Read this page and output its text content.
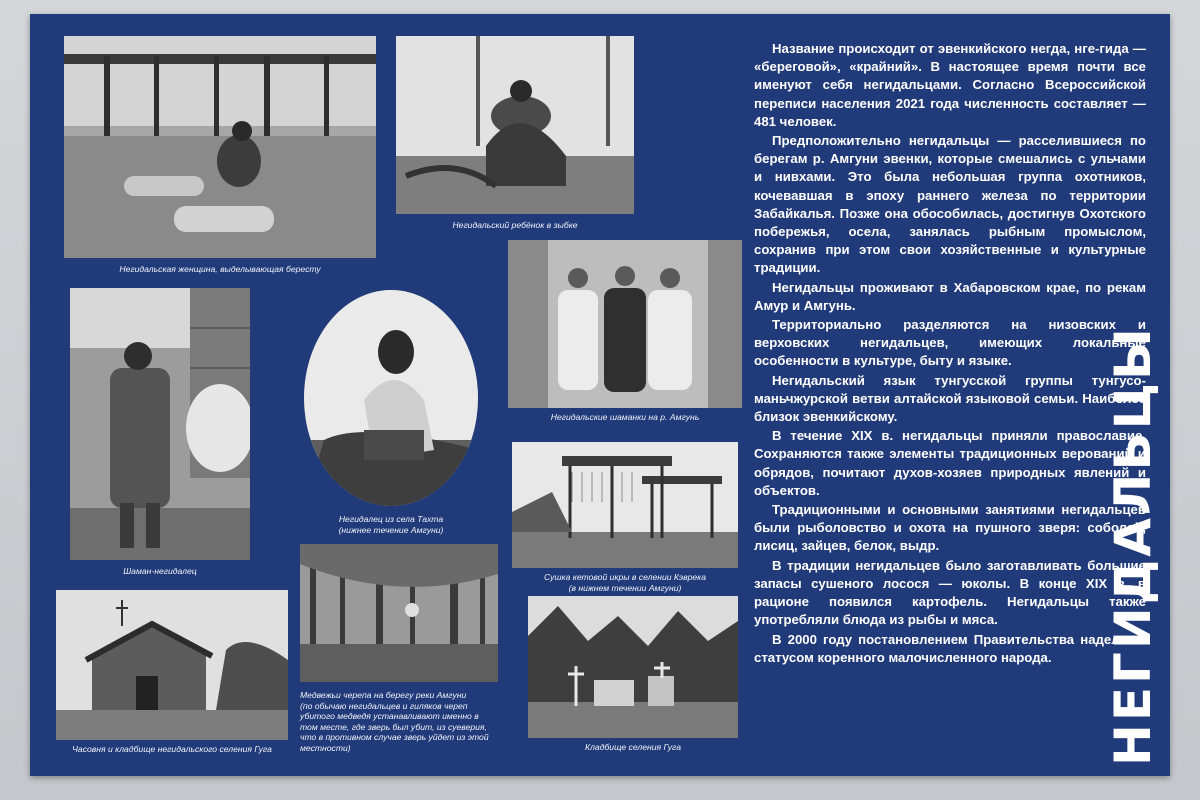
Негидальская женщина, выделывающая бересту
Негидальский ребёнок в зыбке
Негидальские шаманки на р. Амгунь
Шаман-негидалец
Негидалец из села Тахта
(нижнее течение Амгуни)
Сушка кетовой икры в селении Кэврека
(в нижнем течении Амгуни)
Часовня и кладбище негидальского селения Гуга
Медвежьи черепа на берегу реки Амгуни
(по обычаю негидальцев и гиляков череп
убитого медведя устанавливают именно в
том месте, где зверь был убит, из суеверия,
что в противном случае зверь уйдет из этой
местности)	Кладбище селения Гуга	НЕГИДАЛЬЦЫ

Название происходит от эвенкийского негда, нге-гида — «береговой», «крайний». В настоящее время почти все именуют себя негидальцами. Согласно Всероссийской переписи населения 2021 года численность составляет — 481 человек.

Предположительно негидальцы — расселившиеся по берегам р. Амгуни эвенки, которые смешались с ульчами и нивхами. Это была небольшая группа охотников, кочевавшая в эпоху раннего железа по территории Забайкалья. Позже она обособилась, достигнув Охотского побережья, осела, занялась рыбным промыслом, сохранив при этом свои хозяйственные и культурные традиции.

Негидальцы проживают в Хабаровском крае, по рекам Амур и Амгунь.

Территориально разделяются на низовских и верховских негидальцев, имеющих локальные особенности в культуре, быту и языке.

Негидальский язык тунгусской группы тунгусо-маньчжурской ветви алтайской языковой семьи. Наиболее близок эвенкийскому.

В течение XIX в. негидальцы приняли православие. Сохраняются также элементы традиционных верований и обрядов, почитают духов-хозяев природных явлений и объектов.

Традиционными и основными занятиями негидальцев были рыболовство и охота на пушного зверя: соболей, лисиц, зайцев, белок, выдр.

В традиции негидальцев было заготавливать большие запасы сушеного лосося — юколы. В конце XIX в. в рационе появился картофель. Негидальцы также употребляли блюда из рыбы и мяса.

В 2000 году постановлением Правительства наделены статусом коренного малочисленного народа.
